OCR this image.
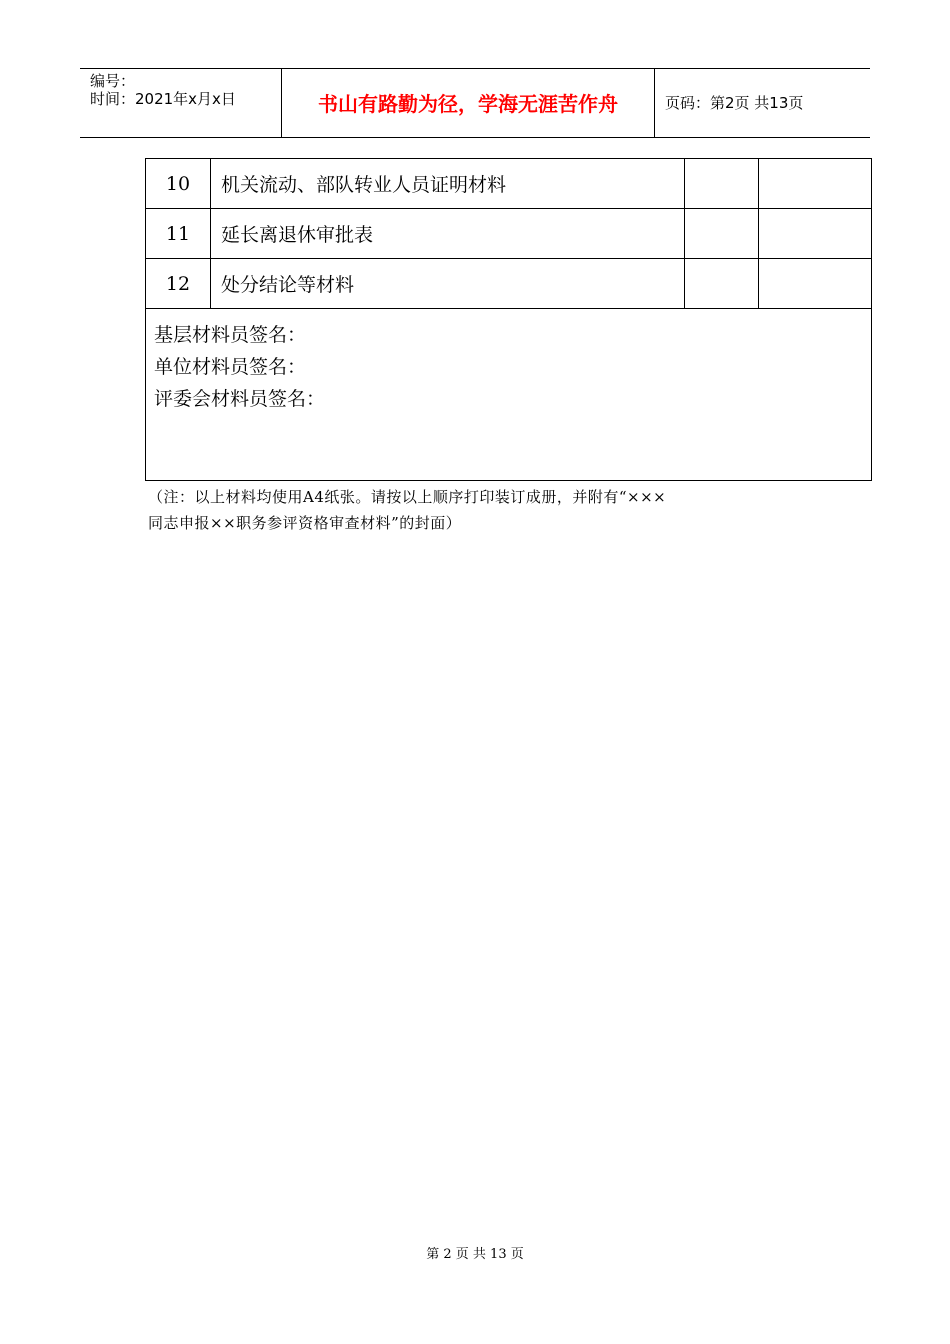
编号：
时间：2021年x月x日	书山有路勤为径，学海无涯苦作舟	页码：第2页 共13页
10	机关流动、部队转业人员证明材料		
11	延长离退休审批表		
12	处分结论等材料		

基层材料员签名：
单位材料员签名：
评委会材料员签名：			
（注：以上材料均使用A4纸张。请按以上顺序打印装订成册，并附有“×××
同志申报××职务参评资格审查材料”的封面）
第 2 页 共 13 页
